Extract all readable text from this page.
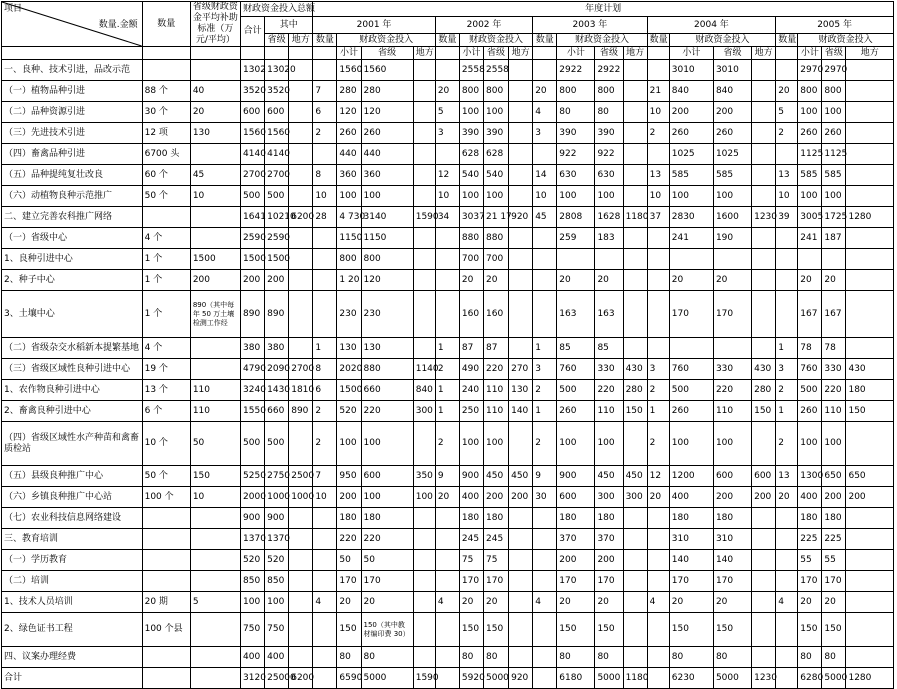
项目
数量.金额	数量	省级财政资金平均补助标准（万元/平均）	财政资金投入总额			年度计划																			
			合计	其中		2001 年				2002 年				2003 年				2004 年				2005 年			
				省级	地方	数量	财政资金投入			数量	财政资金投入			数量	财政资金投入			数量	财政资金投入			数量	财政资金投入		
							小计	省级	地方		小计	省级	地方		小计	省级	地方		小计	省级	地方		小计	省级	地方
一、良种、技术引进，品改示范			1302	13020			1560	1560			2558	2558			2922	2922			3010	3010			2970	2970	
（一）植物品种引进	88 个	40	3520	3520		7	280	280		20	800	800		20	800	800		21	840	840		20	800	800	
（二）品种资源引进	30 个	20	600	600		6	120	120		5	100	100		4	80	80		10	200	200		5	100	100	
（三）先进技术引进	12 项	130	1560	1560		2	260	260		3	390	390		3	390	390		2	260	260		2	260	260	
（四）畜禽品种引进	6700 头		4140	4140			440	440			628	628			922	922			1025	1025			1125	1125	
（五）品种提纯复壮改良	60 个	45	2700	2700		8	360	360		12	540	540		14	630	630		13	585	585		13	585	585	
（六）动植物良种示范推广	50 个	10	500	500		10	100	100		10	100	100		10	100	100		10	100	100		10	100	100	
二、建立完善农科推广网络			1641	10210	6200	28	4 730	3140	1590	34	3037	21 17	920	45	2808	1628	1180	37	2830	1600	1230	39	3005	1725	1280
（一）省级中心	4 个		2590	2590			1150	1150			880	880			259	183			241	190			241	187	
1、良种引进中心	1 个	1500	1500	1500			800	800			700	700													
2、种子中心	1 个	200	200	200			1 20	120			20	20			20	20			20	20			20	20	
3、土壤中心	1 个	890（其中每年 50 万土壤检测工作经	890	890			230	230			160	160			163	163			170	170			167	167	
（二）省级杂交水稻新本提繁基地	4 个		380	380		1	130	130		1	87	87		1	85	85						1	78	78	
（三）省级区域性良种引进中心	19 个		4790	2090	2700	8	2020	880	1140	2	490	220	270	3	760	330	430	3	760	330	430	3	760	330	430
1、农作物良种引进中心	13 个	110	3240	1430	1810	6	1500	660	840	1	240	110	130	2	500	220	280	2	500	220	280	2	500	220	180
2、畜禽良种引进中心	6 个	110	1550	660	890	2	520	220	300	1	250	110	140	1	260	110	150	1	260	110	150	1	260	110	150
（四）省级区域性水产种苗和禽畜质检站	10 个	50	500	500		2	100	100		2	100	100		2	100	100		2	100	100		2	100	100	
（五）县级良种推广中心	50 个	150	5250	2750	2500	7	950	600	350	9	900	450	450	9	900	450	450	12	1200	600	600	13	1300	650	650
（六）乡镇良种推广中心站	100 个	10	2000	1000	1000	10	200	100	100	20	400	200	200	30	600	300	300	20	400	200	200	20	400	200	200
（七）农业科技信息网络建设			900	900			180	180			180	180			180	180			180	180			180	180	
三、教育培训			1370	1370			220	220			245	245			370	370			310	310			225	225	
（一）学历教育			520	520			50	50			75	75			200	200			140	140			55	55	
（二）培训			850	850			170	170			170	170			170	170			170	170			170	170	
1、技术人员培训	20 期	5	100	100		4	20	20		4	20	20		4	20	20		4	20	20		4	20	20	
2、绿色证书工程	100 个县		750	750			150	150（其中教材编印费 30）			150	150			150	150			150	150			150	150	
四、议案办理经费			400	400			80	80			80	80			80	80			80	80			80	80	
合计			3120	25000	6200		6590	5000	1590		5920	5000	920		6180	5000	1180		6230	5000	1230		6280	5000	1280
